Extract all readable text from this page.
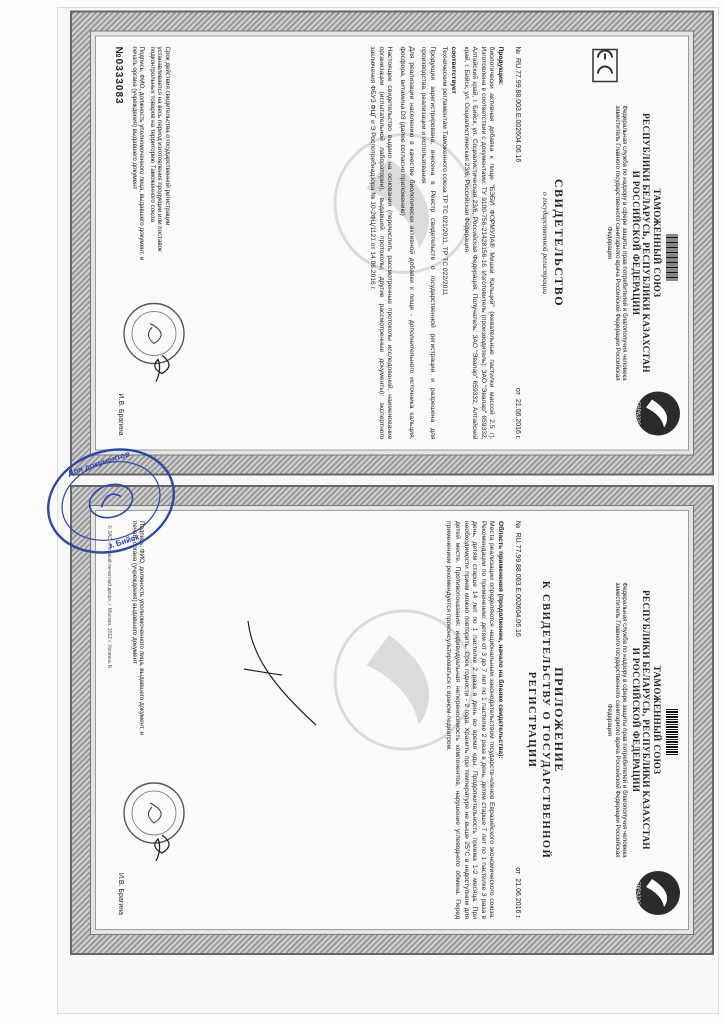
ЕВРАЗЭС
ТАМОЖЕННЫЙ СОЮЗ
РЕСПУБЛИКИ БЕЛАРУСЬ, РЕСПУБЛИКИ КАЗАХСТАН
И РОССИЙСКОЙ ФЕДЕРАЦИИ
Федеральная служба по надзору в сфере защиты прав потребителей и благополучия человека заместитель Главного государственного санитарного врача Российской Федерации Российская Федерация
СВИДЕТЕЛЬСТВО
о государственной регистрации
№RU.77.99.88.003.E.002604.06.16
от21.06.2016 г.

Продукция:
биологически активная добавка к пище "БЭБИ ФОРМУЛА® Мишки Кальций" (жевательные пастилки массой 2,5 г). Изготовлена в соответствии с документами: ТУ 9100-756-21428156-16. Изготовитель (производитель): ЗАО "Эвалар" 659332, Алтайский край, г. Бийск, ул. Социалистическая 23/6, Российская Федерация. Получатель: ЗАО "Эвалар" 659332, Алтайский край, г. Бийск, ул. Социалистическая 23/6, Российская Федерация

соответствует
Техническим регламентам Таможенного союза ТР ТС 021/2011, ТР ТС 022/2011

Продукция зарегистрирована, внесена в Реестр свидетельств о государственной регистрации и разрешена для производства, реализации и использования

Для реализации населению в качестве биологически активной добавки к пище - дополнительного источника кальция, фосфора, витамина D3 (далее согласно приложению)

Настоящее свидетельство выдано на основании (перечислить рассмотренные протоколы исследований, наименование организации (испытательной лаборатории), выдавшей протоколы, другие рассмотренные документы): экспертного заключения ФБУЗ ФЦГ и Э Роспотребнадзора № 10-2ФЦ/1121 от 14.06.2016 г.

Срок действия свидетельства о государственной регистрации устанавливается на весь период изготовления продукции или поставок подконтрольных товаров на территорию Таможенного союза

Подпись, ФИО, должность уполномоченного лица, выдавшего документ, и печать органа (учреждения) выдавшего документ

И.В. Брагина
№0333083
ЕВРАЗЭС
ТАМОЖЕННЫЙ СОЮЗ
РЕСПУБЛИКИ БЕЛАРУСЬ, РЕСПУБЛИКИ КАЗАХСТАН
И РОССИЙСКОЙ ФЕДЕРАЦИИ
Федеральная служба по надзору в сфере защиты прав потребителей и благополучия человека заместитель Главного государственного санитарного врача Российской Федерации Российская Федерация
ПРИЛОЖЕНИЕ
К СВИДЕТЕЛЬСТВУ О ГОСУДАРСТВЕННОЙ РЕГИСТРАЦИИ
№RU.77.99.88.003.E.002604.06.16
от21.06.2016 г.

Область применения (продолжение, начало на бланке свидетельства):
Места реализации определяются национальным законодательством государств-членов Евразийского экономического союза. Рекомендации по применению: детям от 3 до 7 лет по 1 пастилке 2 раза в день, детям старше 7 лет по 1 пастилке 3 раза в день, детям старше 14 лет по 1 пастилке 2 раза в день во время еды. Продолжительность приема 1-2 месяца. При необходимости прием можно повторить. Срок годности - 2 года. Хранить при температуре не выше 25°С в недоступном для детей месте. Противопоказания: индивидуальная непереносимость компонентов, нарушение углеводного обмена. Перед применением рекомендуется проконсультироваться с врачом-педиатром.

Подпись, ФИО, должность уполномоченного лица, выдавшего документ, и печать органа (учреждения) выдавшего документ

И.В. Брагина
© ЗАО «Первый печатный двор», г. Москва, 2012 г. Уровень Б
Для документов
г. Бийск
